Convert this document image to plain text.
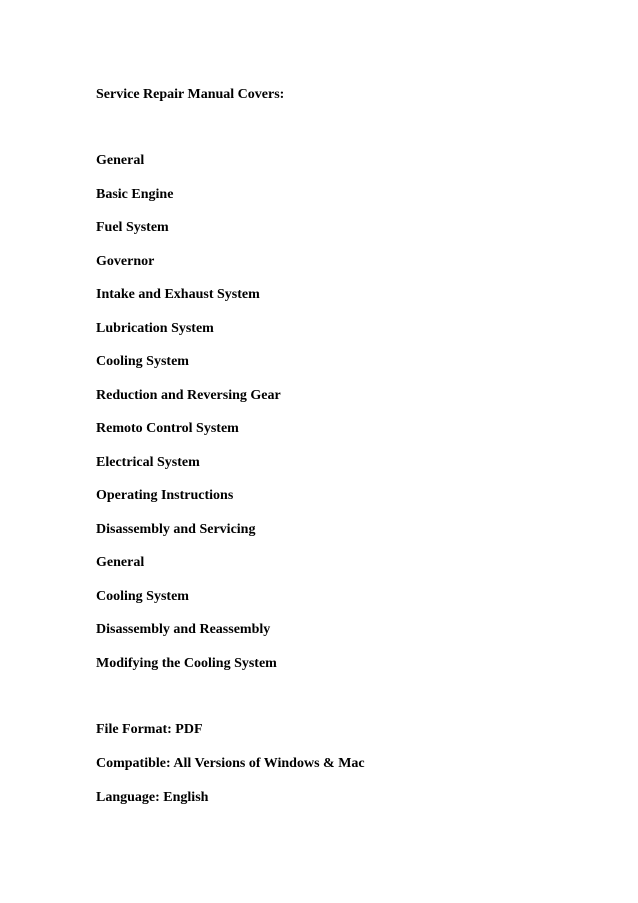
Service Repair Manual Covers:
General
Basic Engine
Fuel System
Governor
Intake and Exhaust System
Lubrication System
Cooling System
Reduction and Reversing Gear
Remoto Control System
Electrical System
Operating Instructions
Disassembly and Servicing
General
Cooling System
Disassembly and Reassembly
Modifying the Cooling System
File Format: PDF
Compatible: All Versions of Windows & Mac
Language: English
